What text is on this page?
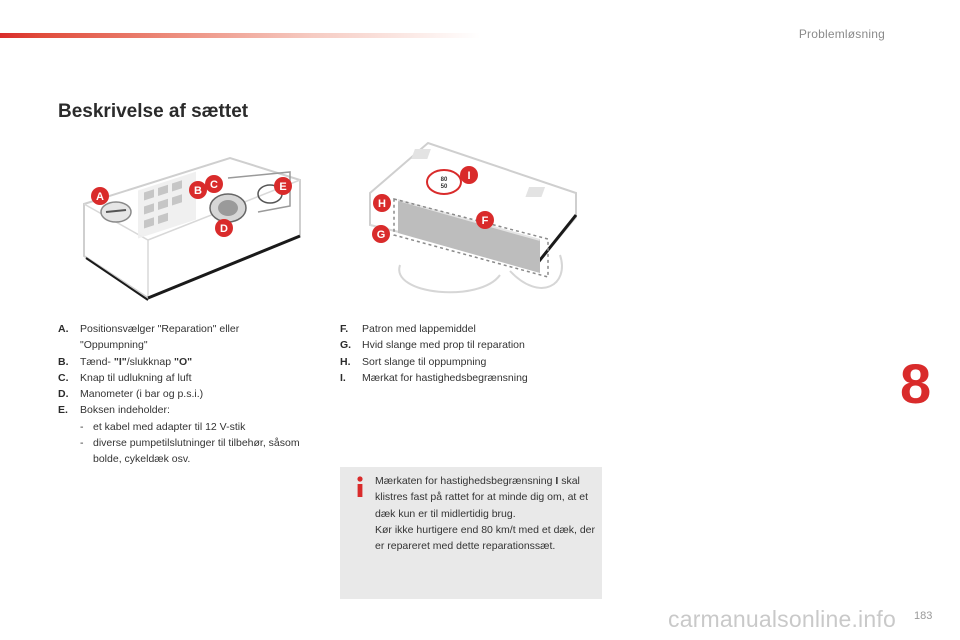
Problemløsning
Beskrivelse af sættet
A	B C
D
E
80
50
I
H
G
F
A.	Positionsvælger "Reparation" eller "Oppumpning"
B.	Tænd- "I"/slukknap "O"
C.	Knap til udlukning af luft
D.	Manometer (i bar og p.s.i.)
E.	Boksen indeholder:
- et kabel med adapter til 12 V-stik
- diverse pumpetilslutninger til tilbehør, såsom bolde, cykeldæk osv.
F.	Patron med lappemiddel
G.	Hvid slange med prop til reparation
H.	Sort slange til oppumpning
I.	Mærkat for hastighedsbegrænsning	8

Mærkaten for hastighedsbegrænsning I skal klistres fast på rattet for at minde dig om, at et dæk kun er til midlertidig brug.

Kør ikke hurtigere end 80 km/t med et dæk, der er repareret med dette reparationssæt.

183
carmanualsonline.info
